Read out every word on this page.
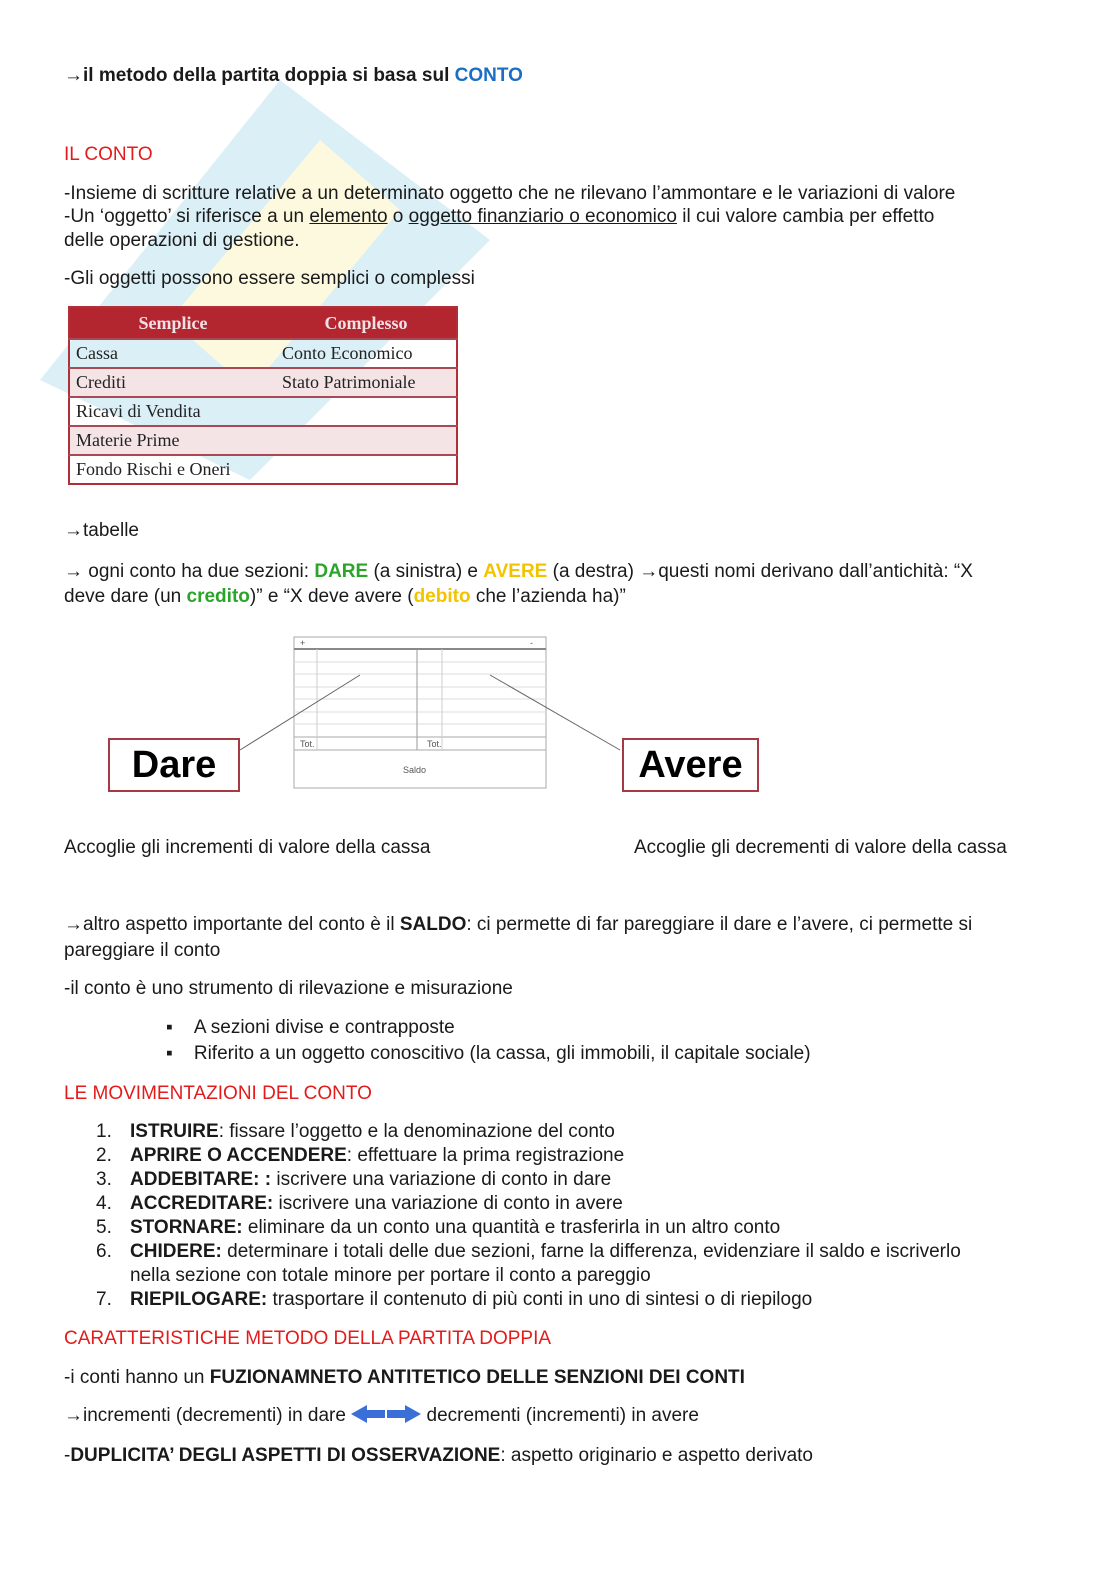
→il metodo della partita doppia si basa sul CONTO
IL CONTO
-Insieme di scritture relative a un determinato oggetto che ne rilevano l’ammontare e le variazioni di valore
-Un ‘oggetto’ si riferisce a un elemento o oggetto finanziario o economico il cui valore cambia per effetto
delle operazioni di gestione.
-Gli oggetti possono essere semplici o complessi
Semplice	Complesso
Cassa	Conto Economico
Crediti	Stato Patrimoniale
Ricavi di Vendita	
Materie Prime	
Fondo Rischi e Oneri	
→tabelle
→ ogni conto ha due sezioni: DARE (a sinistra) e AVERE (a destra) →questi nomi derivano dall’antichità: “X
deve dare (un credito)” e “X deve avere (debito che l’azienda ha)”
+	-
Tot.	Tot.
Saldo
Dare	Avere
Accoglie gli incrementi di valore della cassa	Accoglie gli decrementi di valore della cassa
→altro aspetto importante del conto è il SALDO: ci permette di far pareggiare il dare e l’avere, ci permette si
pareggiare il conto
-il conto è uno strumento di rilevazione e misurazione
▪    A sezioni divise e contrapposte
▪    Riferito a un oggetto conoscitivo (la cassa, gli immobili, il capitale sociale)
LE MOVIMENTAZIONI DEL CONTO
1. ISTRUIRE: fissare l’oggetto e la denominazione del conto
2. APRIRE O ACCENDERE: effettuare la prima registrazione
3. ADDEBITARE: : iscrivere una variazione di conto in dare
4. ACCREDITARE: iscrivere una variazione di conto in avere
5. STORNARE: eliminare da un conto una quantità e trasferirla in un altro conto
6. CHIDERE: determinare i totali delle due sezioni, farne la differenza, evidenziare il saldo e iscriverlo
nella sezione con totale minore per portare il conto a pareggio
7. RIEPILOGARE: trasportare il contenuto di più conti in uno di sintesi o di riepilogo
CARATTERISTICHE METODO DELLA PARTITA DOPPIA
-i conti hanno un FUZIONAMNETO ANTITETICO DELLE SENZIONI DEI CONTI
→incrementi (decrementi) in dare	decrementi (incrementi) in avere
-DUPLICITA’ DEGLI ASPETTI DI OSSERVAZIONE: aspetto originario e aspetto derivato
